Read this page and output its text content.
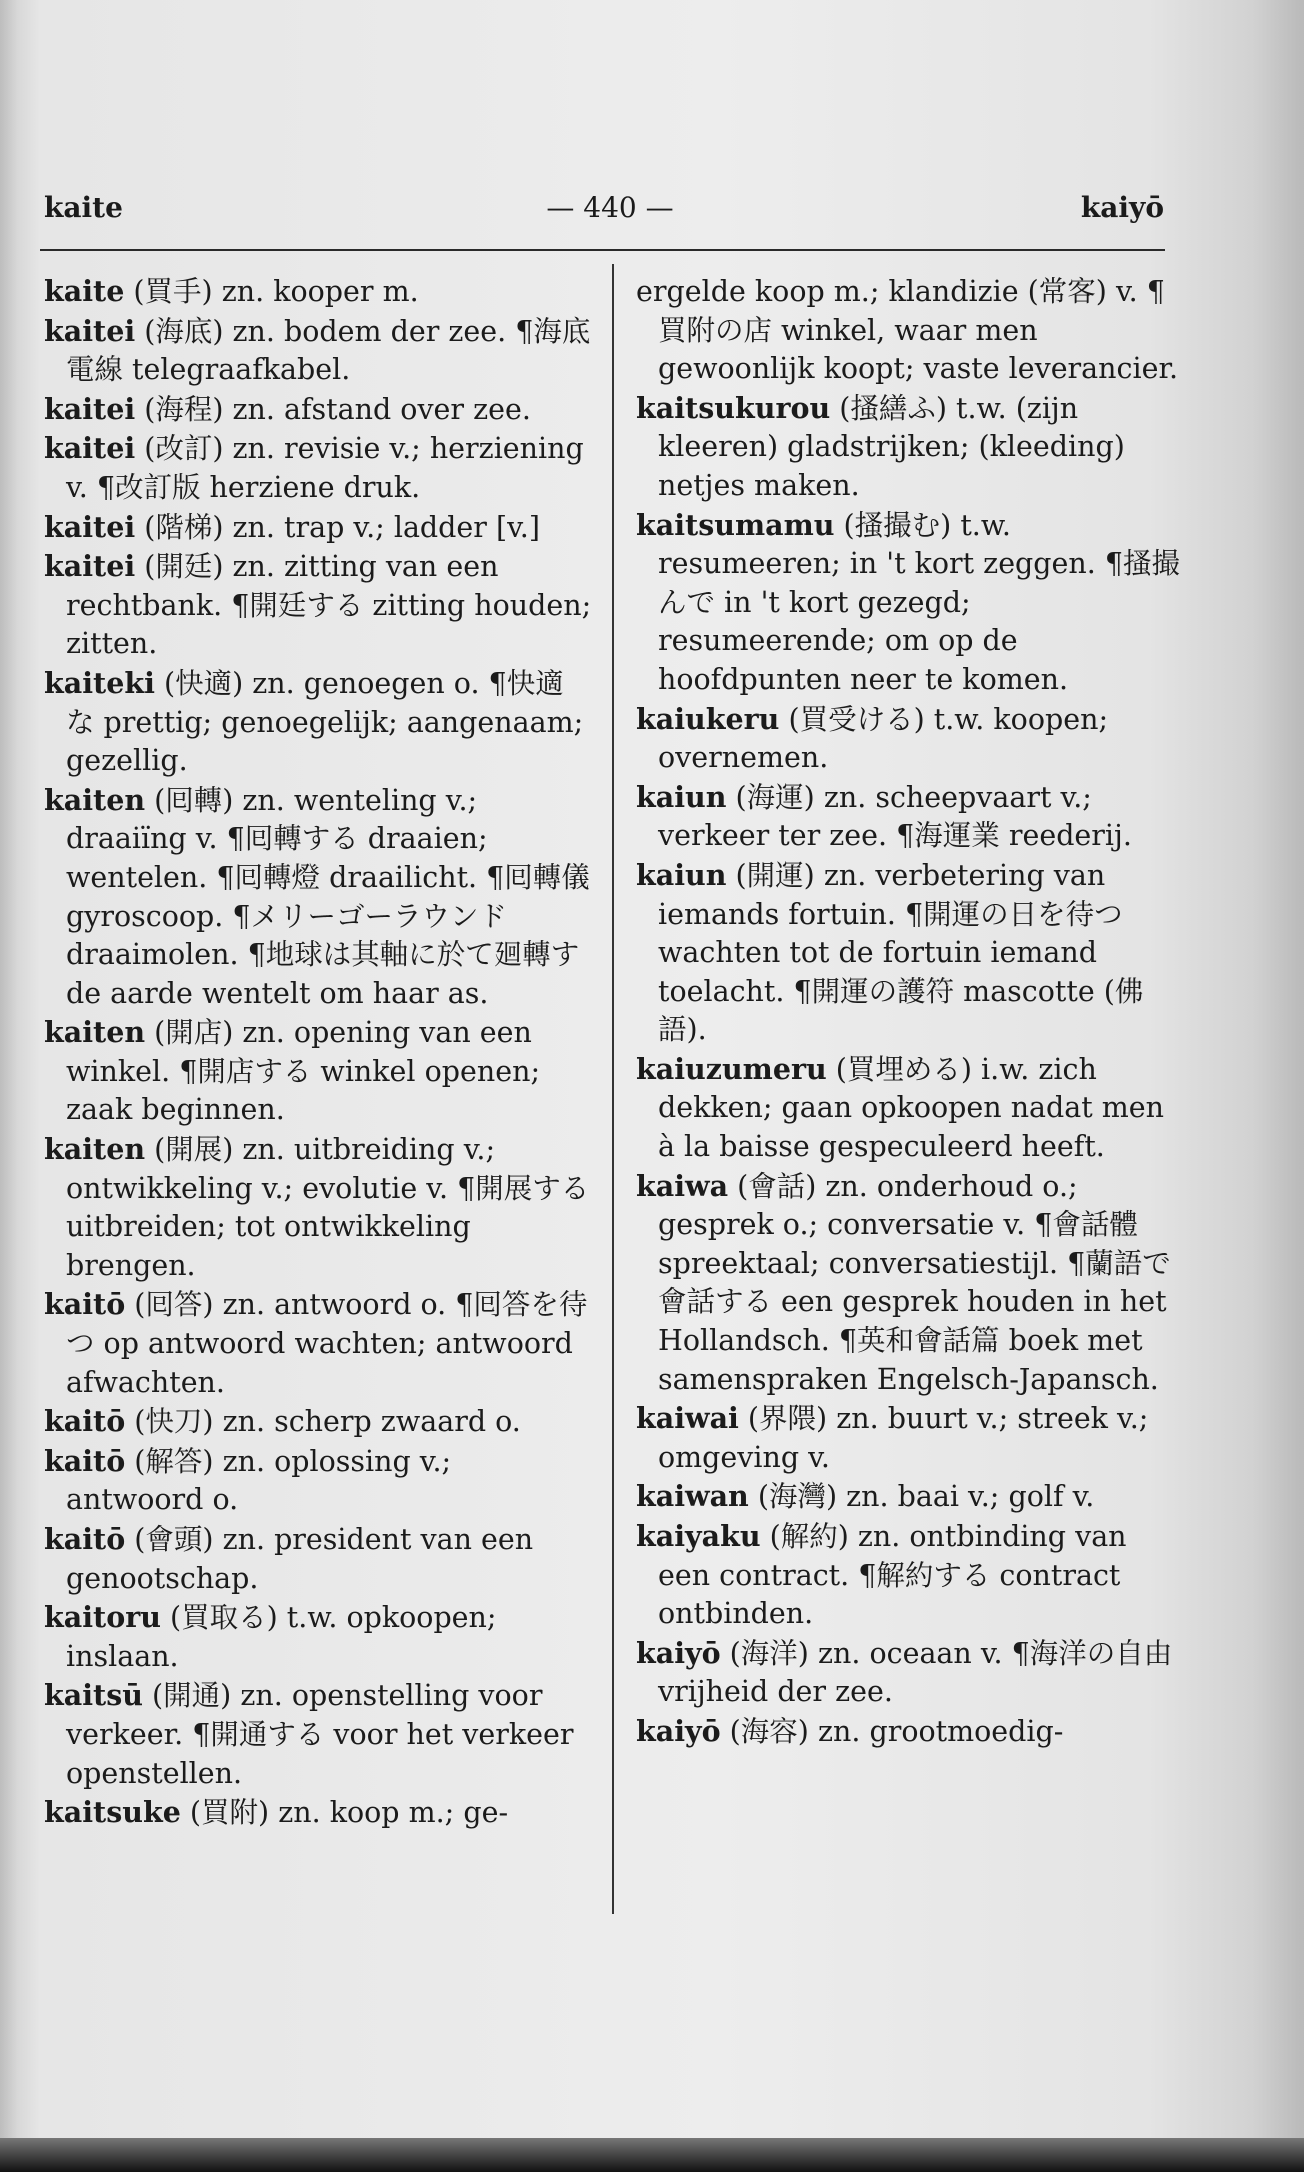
kaite	— 440 —	kaiyō
kaite (買手) zn. kooper m.
kaitei (海底) zn. bodem der zee. ¶海底電線 telegraafkabel.
kaitei (海程) zn. afstand over zee.
kaitei (改訂) zn. revisie v.; herziening v. ¶改訂版 herziene druk.
kaitei (階梯) zn. trap v.; ladder [v.]
kaitei (開廷) zn. zitting van een rechtbank. ¶開廷する zitting houden; zitten.
kaiteki (快適) zn. genoegen o. ¶快適な prettig; genoegelijk; aangenaam; gezellig.
kaiten (囘轉) zn. wenteling v.; draaiïng v. ¶囘轉する draaien; wentelen. ¶囘轉燈 draailicht. ¶囘轉儀 gyroscoop. ¶メリーゴーラウンド draaimolen. ¶地球は其軸に於て廻轉す de aarde wentelt om haar as.
kaiten (開店) zn. opening van een winkel. ¶開店する winkel openen; zaak beginnen.
kaiten (開展) zn. uitbreiding v.; ontwikkeling v.; evolutie v. ¶開展する uitbreiden; tot ontwikkeling brengen.
kaitō (囘答) zn. antwoord o. ¶囘答を待つ op antwoord wachten; antwoord afwachten.
kaitō (快刀) zn. scherp zwaard o.
kaitō (解答) zn. oplossing v.; antwoord o.
kaitō (會頭) zn. president van een genootschap.
kaitoru (買取る) t.w. opkoopen; inslaan.
kaitsū (開通) zn. openstelling voor verkeer. ¶開通する voor het verkeer openstellen.
kaitsuke (買附) zn. koop m.; ge-
ergelde koop m.; klandizie (常客) v. ¶買附の店 winkel, waar men gewoonlijk koopt; vaste leverancier.
kaitsukurou (搔繕ふ) t.w. (zijn kleeren) gladstrijken; (kleeding) netjes maken.
kaitsumamu (搔撮む) t.w. resumeeren; in 't kort zeggen. ¶搔撮んで in 't kort gezegd; resumeerende; om op de hoofdpunten neer te komen.
kaiukeru (買受ける) t.w. koopen; overnemen.
kaiun (海運) zn. scheepvaart v.; verkeer ter zee. ¶海運業 reederij.
kaiun (開運) zn. verbetering van iemands fortuin. ¶開運の日を待つ wachten tot de fortuin iemand toelacht. ¶開運の護符 mascotte (佛語).
kaiuzumeru (買埋める) i.w. zich dekken; gaan opkoopen nadat men à la baisse gespeculeerd heeft.
kaiwa (會話) zn. onderhoud o.; gesprek o.; conversatie v. ¶會話體 spreektaal; conversatiestijl. ¶蘭語で會話する een gesprek houden in het Hollandsch. ¶英和會話篇 boek met samenspraken Engelsch-Japansch.
kaiwai (界隈) zn. buurt v.; streek v.; omgeving v.
kaiwan (海灣) zn. baai v.; golf v.
kaiyaku (解約) zn. ontbinding van een contract. ¶解約する contract ontbinden.
kaiyō (海洋) zn. oceaan v. ¶海洋の自由 vrijheid der zee.
kaiyō (海容) zn. grootmoedig-
